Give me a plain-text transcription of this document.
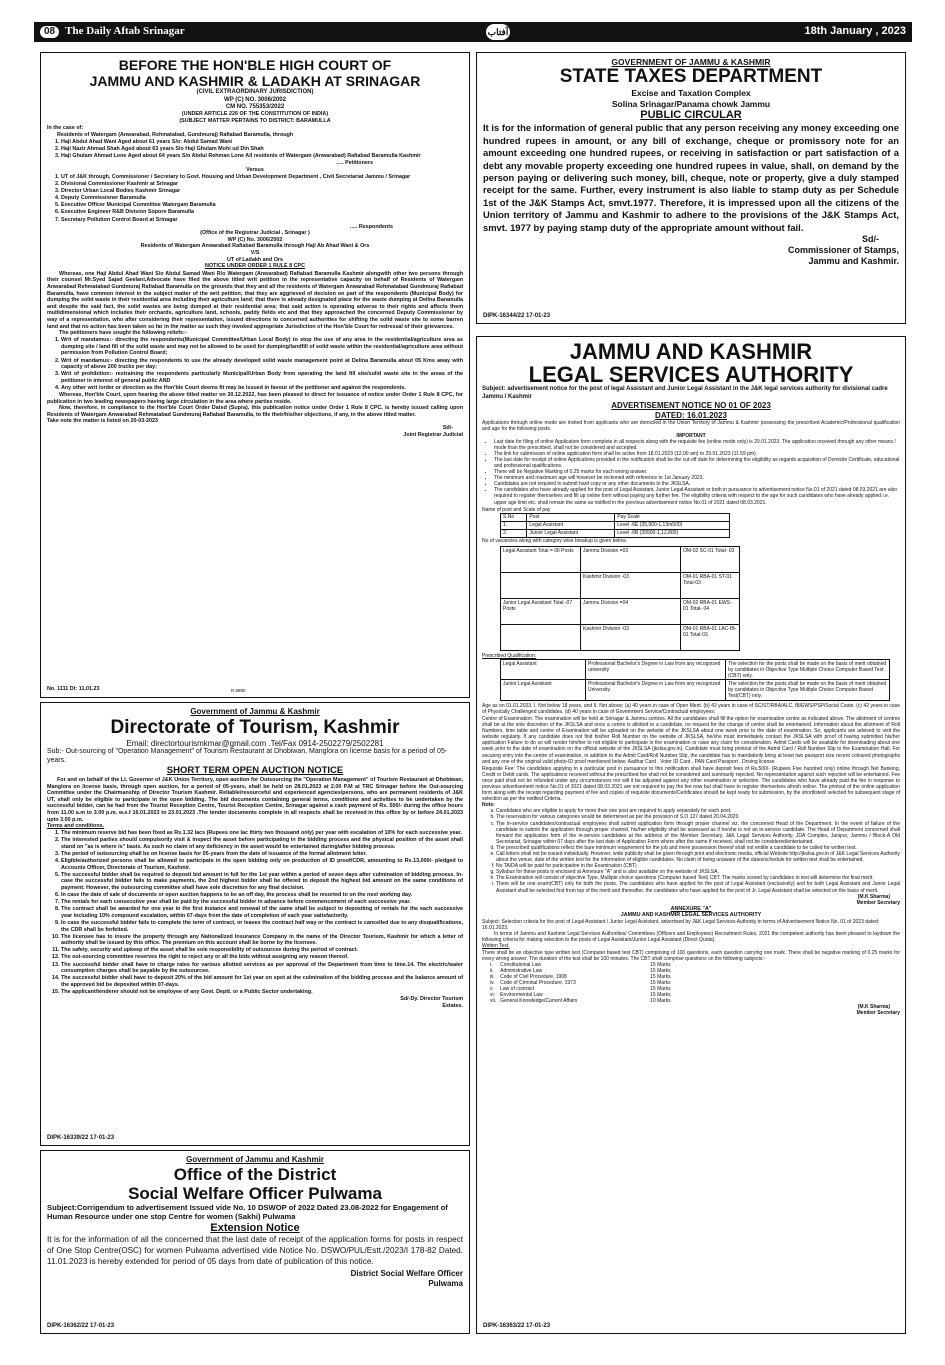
08 The Daily Aftab Srinagar	آفتاب	18th January , 2023
BEFORE THE HON'BLE HIGH COURT OF
JAMMU AND KASHMIR & LADAKH AT SRINAGAR
(CIVIL EXTRAORDINARY JURISDICTION)
WP (C) NO. 3006/2002
CM NO. 755353/2022
(UNDER ARTICLE 226 OF THE CONSTITUTION OF INDIA)
(SUBJECT MATTER PERTAINS TO DISTRICT: BARAMULLA
In the case of:
Residents of Watergam (Anwarabad, Rehmatabad, Gundmuraj) Rafiabad Baramulla, through
1. Haji Abdul Ahad Wani Aged about 61 years S/o: Abdul Samad Wani
2. Haji Nazir Ahmad Shah Aged about 63 years S/o Haji Ghulam Mohi ud Din Shah
3. Haji Ghulam Ahmad Lone Aged about 64 years S/o Abdul Rehman Lone All residents of Watergam (Anwarabad) Rafiabad Baramulla Kashmir
..... Petitioners
Versus
1. UT of J&K through, Commissioner / Secretary to Govt. Housing and Urban Development Department , Civil Secretariat Jammu / Srinagar
2. Divisional Commissioner Kashmir at Srinagar
3. Director Urban Local Bodies Kashmir Srinagar
4. Deputy Commissioner Baramulla
5. Executive Officer Municipal Committee Watergam Baramulla
6. Executive Engineer R&B Division Sopore Baramulla
7. Secretary Pollution Control Board at Srinagar
..... Respondents
(Office of the Registrar Judicial , Srinagar )
WP (C) No. 3006/2002
Residents of Watergam Anwarabad Rafiabad Baramulla through Hajl Ab Ahad Wani & Ors
V/S
UT of Ladakh and Ors
NOTICE UNDER ORDER 1 RULE 8 CPC
Whereas, one Haji Abdul Ahad Wani S/o Abdul Samad Wani R/o Watergam (Anwarabad) Rafiabad Baramulla Kashmir alongwith other two persons through their counsel Mr.Syed Sajad Geelani,Advocate have filed the above titled writ petition in the representative capacity on behalf of Residents of Watergam Anwarabad Rehmatabad Gundmuraj Rafiabad Baramulla on the grounds that they and all the residents of Watergam Anwarabad Rehmatabad Gundmuraj Rafiabad Baramulla, have common interest in the subject matter of the writ petition; that they are aggrieved of decision on part of the respondents (Municipal Body) for dumping the solid waste in their residential area including their agriculture land; that there is already designated place for the waste dumping at Delina Baramulla and despite the said fact, the solid wastes are being dumped at their residential area; that said action is operating adverse to their rights and affects them multidimensional which includes their orchards, agriculture land, schools, paddy fields etc and that they approached the concerned Deputy Commissioner by way of a representation, who after considering their representation, issued directions to concerned authorities for shifting the solid waste site to some barren land and that no action has been taken so far in the matter as such they invoked appropriate Jurisdiction of the Hon'ble Court for redressal of their grievances.
The petitioners have sought the following reliefs:-
1. Writ of mandamus:- directing the respondents(Municipal Committee/Urban Local Body) to stop the use of any area in the residential/agriculture area as dumping site / land fill of the solid waste and may not be allowed to be used for dumping/landfill of solid waste within the residential/agriculture area without permission from Pollution Control Board;
2. Writ of mandamus:- directing the respondents to use the already developed solid waste management point at Delina Baramulla about 05 Kms away with capacity of above 200 trucks per day;
3. Writ of prohibition:- restraining the respondents particularly Municipal/Urban Body from operating the land fill site/solid waste site in the areas of the petitioner in interest of general public AND
4. Any other writ /order or direction as the Hon'ble Court deems fit may be issued in favour of the petitioner and against the respondents.
Whereas, Hon'ble Court, upon hearing the above titled matter on 30.12.2022, has been pleased to direct for issuance of notice under Order 1 Rule 8 CPC, for publication in two leading newspapers having large circulation in the area where parties reside.
Now, therefore, in compliance to the Hon'ble Court Order Dated (Supra), this publication notice under Order 1 Rule 8 CPC, is hereby issued calling upon Residents of Watergam Anwarabad Rehmatabad Gundmuraj Rafiabad Baramulla, to file their/his/her objections, if any, in the above titled matter.
Take note the matter is listed on 20-03-2023
Sd/-
Joint Registrar Judicial
No. 1111 Dt: 11.01.23	R.8880
Government of Jammu & Kashmir
Directorate of Tourism, Kashmir
Email: directortourismkmar@gmail.com .Tel/Fax 0914-2502279/2502281
Sub:- Out-sourcing of "Operation Management" of Tourism Restaurant at Dhobiwan, Manglora on license basis for a period of 05-years.
SHORT TERM OPEN AUCTION NOTICE
For and on behalf of the Lt. Governor of J&K Union Territory, open auction for Outsourcing the "Operation Management" of Tourism Restaurant at Dhobiwan, Manglora on license basis, through open auction, for a period of 05-years, shall be held on 28.01.2023 at 2.00 P.M at TRC Srinagar before the Out-sourcing Committee under the Chairmanship of Director Tourism Kashmir. Reliable/resourceful and experienced agencies/persons, who are permanent residents of J&K UT, shall only be eligible to participate in the open bidding. The bid documents containing general terms, conditions and activities to be undertaken by the successful bidder, can be had from the Tourist Reception Centre, Tourist Reception Centre, Srinagar against a cash payment of Rs. 500/- during the office hours from 11.00 a.m to 3.00 p.m. w.e.f 16.01.2023 to 23.01.2023 .The tender documents complete in all respects shall be received in this office by or before 24.01.2023 upto 3.00 p.m.
Terms and conditions.
1. The minimum reserve bid has been fixed as Rs.1.32 lacs (Rupees one lac thirty two thousand only) per year with escalation of 10% for each successive year.
2. The interested parties should compulsorily visit & inspect the asset before participating in the bidding process and the physical position of the asset shall stand on "as is where is" basis. As such no claim of any deficiency in the asset would be entertained during/after bidding process.
3. The period of outsourcing shall be on license basis for 05-years from the date of issuance of the formal allotment letter.
4. Eligible/authorized persons shall be allowed to participate in the open bidding only on production of ID proof/CDR, amounting to Rs.13,000/- pledged to Accounts Officer, Directorate of Tourism, Kashmir.
5. The successful bidder shall be required to deposit bid amount in full for the 1st year within a period of seven days after culmination of bidding process. In-case the successful bidder fails to make payments, the 2nd highest bidder shall be offered to deposit the highest bid amount on the same conditions of payment. However, the outsourcing committee shall have sole discretion for any final decision.
6. In case the date of sale of documents or open auction happens to be an off day, the process shall be resorted to on the next working day.
7. The rentals for each consecutive year shall be paid by the successful bidder in advance before commencement of each successive year.
8. The contract shall be awarded for one year in the first instance and renewal of the same shall be subject to depositing of rentals for the each successive year including 10% compound escalation, within 07-days from the date of completion of each year satisfactorily.
9. In case the successful bidder fails to complete the term of contract, or leaves the contract half way or the contract is cancelled due to any disqualifications, the CDR shall be forfeited.
10. The licensee has to insure the property through any Nationalized Insurance Company in the name of the Director Tourism, Kashmir for which a letter of authority shall be issued by this office. The premium on this account shall be borne by the licensee.
11. The safety, security and upkeep of the asset shall be sole responsibility of outsourcee during the period of contract.
12. The out-sourcing committee reserves the right to reject any or all the bids without assigning any reason thereof.
13. The successful bidder shall have to charge rates for various allotted services as per approval of the Department from time to time.14. The electric/water consumption charges shall be payable by the outsourcee.
14. The successful bidder shall have to deposit 20% of the bid amount for 1st year on spot at the culmination of the bidding process and the balance amount of the approved bid be deposited within 07-days.
15. The applicant/tenderer should not be employee of any Govt. Deptt. or a Public Sector undertaking.
Sd/-Dy. Director Tourism
Estates.
DIPK-16339/22 17-01-23
Government of Jammu and Kashmir
Office of the District
Social Welfare Officer Pulwama
Subject:Corrigendum to advertisement Issued vide No. 10 DSWOP of 2022 Dated 23.08-2022 for Engagement of Human Resource under one stop Centre for women (Sakhi) Pulwama
Extension Notice
It is for the information of all the concerned that the last date of receipt of the application forms for posts in respect of One Stop Centre(OSC) for women Pulwama advertised vide Notice No. DSWO/PUL/Estt./2023/I 178-82 Dated. 11.01.2023 is hereby extended for period of 05 days from date of publication of this notice.
District Social Welfare Officer
Pulwama
DIPK-16362/22 17-01-23
GOVERNMENT OF JAMMU & KASHMIR
STATE TAXES DEPARTMENT
Excise and Taxation Complex
Solina Srinagar/Panama chowk Jammu
PUBLIC CIRCULAR
It is for the information of general public that any person receiving any money exceeding one hundred rupees in amount, or any bill of exchange, cheque or promissory note for an amount exceeding one hundred rupees, or receiving in satisfaction or part satisfaction of a debt any movable property exceeding one hundred rupees in value, shall, on demand by the person paying or delivering such money, bill, cheque, note or property, give a duly stamped receipt for the same. Further, every instrument is also liable to stamp duty as per Schedule 1st of the J&K Stamps Act, smvt.1977. Therefore, it is impressed upon all the citizens of the Union territory of Jammu and Kashmir to adhere to the provisions of the J&K Stamps Act, smvt. 1977 by paying stamp duty of the appropriate amount without fail.
Sd/-
Commissioner of Stamps,
Jammu and Kashmir.
DIPK-16344/22 17-01-23
JAMMU AND KASHMIR
LEGAL SERVICES AUTHORITY
Subject: advertisement notice for the post of legal Assistant and Junior Legal Assistant in the J&K legal services authority for divisional cadre Jammu / Kashmir
ADVERTISEMENT NOTICE NO 01 OF 2023
DATED: 16.01.2023
Applications through online mode are invited from applicants who are domiciled in the Union Territory of Jammu & Kashmir possessing the prescribed Academic/Professional qualification and age for the following posts.
IMPORTANT
• Last date for filing of online Application form complete in all respects along with the requisite fee (online mode only) is 29.01.2023. The application received through any other means / mode than the prescribed, shall not be considered and accepted.
• The link for submission of online application form shall be active from 18.01.2023 (12.00 am) to 29.01.2023 (11.59 pm).
• The last date for receipt of online Applications provided in the notification shall be the cut-off date for determining the eligibility as regards acquisition of Domicile Certificate, educational and professional qualifications.
• There will be Negative Marking of 0.25 marks for each wrong answer.
• The minimum and maximum age will however be reckoned with reference to 1st January 2023.
• Candidates are not required to submit hard copy or any other documents to the JKSLSA.
• The candidates who have already applied for the post of Legal Assistant, Junior Legal Assistant or both in pursuance to advertisement notice No.01 of 2021 dated 08.03.2021 are also required to register themselves and fill up online form without paying any further fee. The eligibility criteria with respect to the age for such candidates who have already applied i.e. upper age limit etc. shall remain the same as notified in the previous advertisement notice No.01 of 2021 dated 08.03.2021.
Name of post and Scale of pay
S.No	Post	Pay Scale
1.	Legal Assistant	Level -6E (35,900-1,13m500)
2.	Junior Legal Assistant	Level -6B (35500-1,12,800)
No of vacancies along with category wise breakup is given below.
Legal Assistant Total = 06 Posts	Jammu Division =03	OM-02 SC-01 Total- 03
	Kashmir Division -03	OM-01 RBA-01 ST-01 Total-03
Junior Legal Assistant Total -07 Posts	Jammu Division =04	OM-02 RBA-01 EWS-01 Total- 04
	Kashmir Division -03	OM-01 RBA-01 LAC-IB-01 Total-03
Prescribed Qualification:
Legal Assistant	Professional Bachelor's Degree in Law from any recognized university	The selection for the posts shall be made on the basis of merit obtained by candidates in Objective Type Multiple Choice Computer Based Test (CBT) only.
Junior Legal Assistant	Professional Bachelor's Degree in Law from any recognized University.	The selection for the posts shall be made on the basis of merit obtained by candidates in Objective Type Multiple Choice Computer Based Test(CBT) only.
Age as on 01.01.2023. I. Not below 18 years, and II. Not above; (a) 40 years in case of Open Merit. (b) 43 years in case of SC/ST/RBA/ALC, IB/EWS/PSP/Social Caste. (c) 42 years in case of Physically Challenged candidates. (d) 40 years in case of Government Service/Contractual employees;
Centre of Examination: The examination will be held at Srinagar & Jammu centres. All the candidates shall fill the option for examination centre as indicated above. The allotment of centres shall be at the sole discretion of the JKSLSA and once a centre is allotted to a candidate, no request for the change of centre shall be entertained. Information about the allotment of Roll Numbers, time table and centre of Examination will be uploaded on the website of the JKSLSA about one week prior to the date of examination. So, applicants are advised to visit the website regularly. If any candidate does not find his/her Roll Number on the website of JKSLSA, he/she must immediately contact the JKSLSA with proof of having submitted his/her application Failure to do so will render him/her to not eligible to participate in the examination or raise any claim for consideration. Admit Cards will be available for downloading about one week prior to the date of examination on the official website of the JKSLSA (jkslsa.gov.in). Candidate must bring printout of the Admit Card / Roll Number Slip to the Examination Hall. For securing entry into the centre of examination, in addition to the Admit Card/Roll Number Slip, the candidate has to mandatorily bring at least two passport size recent coloured photographs and any one of the original valid photo-ID proof mentioned below; Aadhar Card . Voter ID Card . PAN Card Passport . Driving license
Requisite Fee: The candidates applying to a particular post in pursuance to this notification shall have deposit fees of Rs.500/- (Rupees Five hundred only) online through Net Banking, Credit or Debit cards. The applications received without the prescribed fee shall not be considered and summarily rejected. No representation against such rejection will be entertained. Fee once paid shall not be refunded under any circumstances nor will it be adjusted against any other examination or selection. The candidates who have already paid the fee in response to previous advertisement notice No.01 of 2021 dated 08.03.2021 are not required to pay the fee now but shall have to register themselves afresh online. The printout of the online application form along with the receipt regarding payment of fee and copies of requisite documents/Certificates should be kept ready for submission, by the shortlisted/ selected for subsequent stage of selection as per the notified Criteria.
Note:
a. Candidates who are eligible to apply for more than one post are required to apply separately for each post.
b. The reservation for various categories would be determined as per the provision of S.O 127 dated 20.04.2020.
c. The in-service candidates/contractual employees shall submit application form through proper channel viz. the concerned Head of the Department. In the event of failure of the candidate to submit the application through proper channel, his/her eligibility shall be assessed as if he/she is not an in-service candidate. The Head of Department concerned shall forward the application form of the in-service candidates at the address of the Member Secretary, J&K Legal Services Authority, JDA Complex, Janipur, Jammu / Block-A Old Secretariat, Srinagar within 07 days after the last date of Application Form where after the same if received, shall not be considered/entertained.
d. The prescribed qualifications reflect the bare minimum requirement for the job and mere possession thereof shall not entitle a candidate to be called for written test.
e. Call letters shall not be issued individually. However, wide publicity shall be given through print and electronic media, official Website http://jkslsa.gov.in of J&K Legal Services Authority about the venue, date of the written test for the information of eligible candidates. No claim of being unaware of the dates/schedule for written test shall be entertained.
f. No TA/DA will be paid for participation in the Examination (CBT)
g. Syllabus for these posts is enclosed at Annexure "A" and is also available on the website of JKSLSA.
h. The Examination will consist of objective Type, Multiple choice questions (Computer based Test) CBT. The marks scored by candidates in test will determine the final merit.
i. There will be one exam(CBT) only for both the posts. The candidates who have applied for the post of Legal Assistant (exclusively) and for both Legal Assistant and Junior Legal Assistant shall be selected first from top of the merit and thereafter, the candidates who have applied for the post of Jr. Legal Assistant shall be selected on the basis of merit.
(M.K Sharma)
Member Secretary
ANNEXURE "A"
JAMMU AND KASHMIR LEGAL SERVICES AUTHORITY
Subject: Selection criteria for the post of Legal Assistant / Junior Legal Assistant, advertised by J&K Legal Services Authority in terms of Advertisement Notice No. 01 of 2023 dated: 16.01.2023.
In terms of Jammu and Kashmir Legal Services Authorities/ Committees (Officers and Employees) Recruitment Rules, 2021 the competent authority has been pleased to laydown the following criteria for making selection to the posts of Legal Assistant/Junior Legal Assistant (Direct Quota).
Written Test.
There shall be an objective type written test (Computer based test CBT) comprising of 100 questions, each question carrying one mark. There shall be negative marking of 0.25 marks for every wrong answer. The duration of the test shall be 100 minutes. The CBT shall comprise questions on the following subjects:-
i.	Constitutional Law	15 Marks
ii.	Administrative Law	15 Marks
iii.	Code of Civil Procedure, 1908	15 Marks
iv.	Code of Criminal Procedure, 1973	15 Marks
v.	Law of contract	15 Marks
vi.	Environmental Law	15 Marks
vii.	General Knowledge/Current Affairs	10 Marks
(M.K Sharma)
Member Secretary
DIPK-16363/22 17-01-23
